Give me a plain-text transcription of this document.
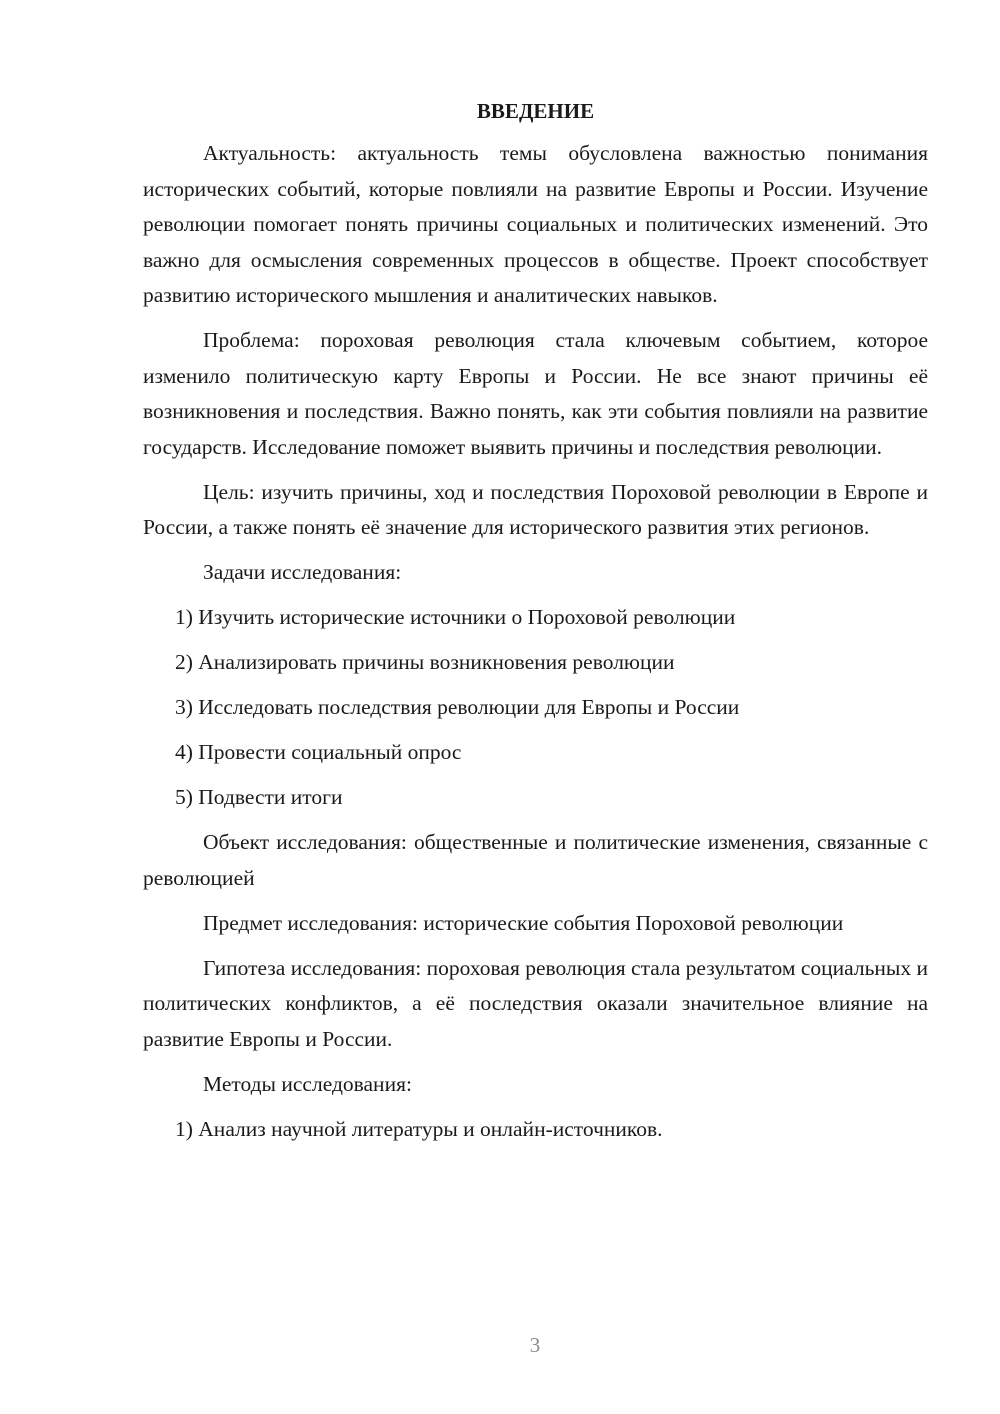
ВВЕДЕНИЕ

Актуальность: актуальность темы обусловлена важностью понимания исторических событий, которые повлияли на развитие Европы и России. Изучение революции помогает понять причины социальных и политических изменений. Это важно для осмысления современных процессов в обществе. Проект способствует развитию исторического мышления и аналитических навыков.

Проблема: пороховая революция стала ключевым событием, которое изменило политическую карту Европы и России. Не все знают причины её возникновения и последствия. Важно понять, как эти события повлияли на развитие государств. Исследование поможет выявить причины и последствия революции.

Цель: изучить причины, ход и последствия Пороховой революции в Европе и России, а также понять её значение для исторического развития этих регионов.

Задачи исследования:

1) Изучить исторические источники о Пороховой революции
2) Анализировать причины возникновения революции
3) Исследовать последствия революции для Европы и России
4) Провести социальный опрос
5) Подвести итоги

Объект исследования: общественные и политические изменения, связанные с революцией

Предмет исследования: исторические события Пороховой революции

Гипотеза исследования: пороховая революция стала результатом социальных и политических конфликтов, а её последствия оказали значительное влияние на развитие Европы и России.

Методы исследования:

1) Анализ научной литературы и онлайн-источников.
3
